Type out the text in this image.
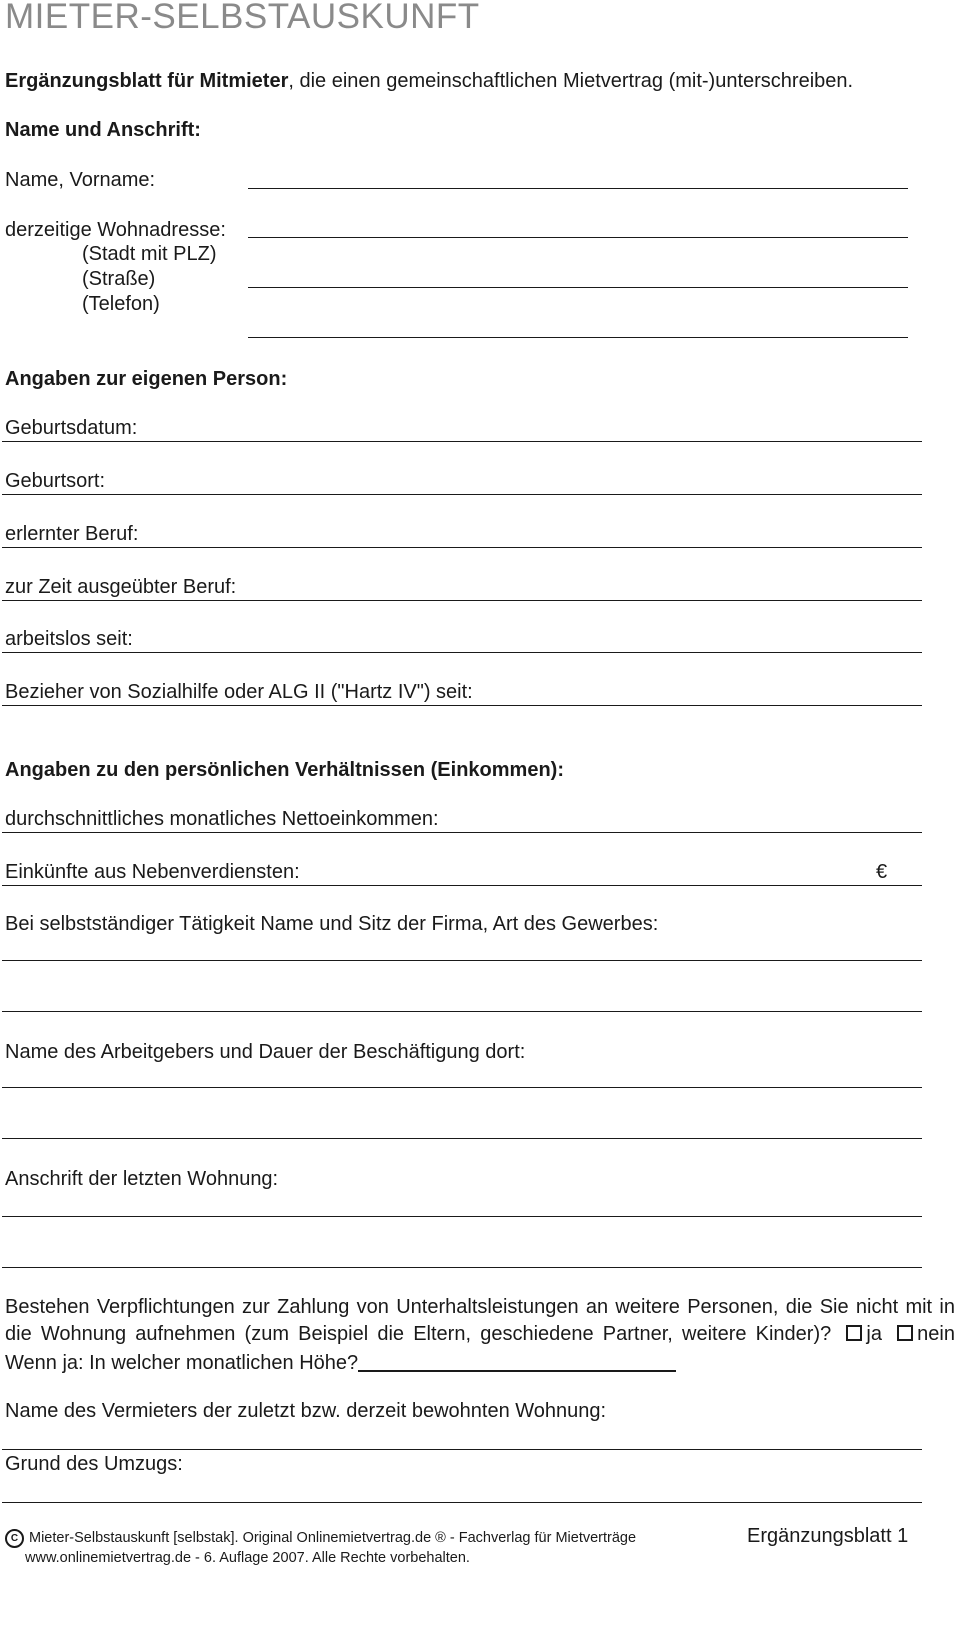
MIETER-SELBSTAUSKUNFT
Ergänzungsblatt für Mitmieter, die einen gemeinschaftlichen Mietvertrag (mit-)unterschreiben.
Name und Anschrift:
Name, Vorname:
derzeitige Wohnadresse:
(Stadt mit PLZ)
(Straße)
(Telefon)
Angaben zur eigenen Person:
Geburtsdatum:
Geburtsort:
erlernter Beruf:
zur Zeit ausgeübter Beruf:
arbeitslos seit:
Bezieher von Sozialhilfe oder ALG II ("Hartz IV") seit:
Angaben zu den persönlichen Verhältnissen (Einkommen):
durchschnittliches monatliches Nettoeinkommen:
Einkünfte aus Nebenverdiensten:	€
Bei selbstständiger Tätigkeit Name und Sitz der Firma, Art des Gewerbes:
Name des Arbeitgebers und Dauer der Beschäftigung dort:
Anschrift der letzten Wohnung:
Bestehen Verpflichtungen zur Zahlung von Unterhaltsleistungen an weitere Personen, die Sie nicht mit in die Wohnung aufnehmen (zum Beispiel die Eltern, geschiedene Partner, weitere Kinder)? ja nein Wenn ja: In welcher monatlichen Höhe?
Name des Vermieters der zuletzt bzw. derzeit bewohnten Wohnung:
Grund des Umzugs:
C Mieter-Selbstauskunft [selbstak]. Original Onlinemietvertrag.de ® - Fachverlag für Mietverträge
www.onlinemietvertrag.de - 6. Auflage 2007. Alle Rechte vorbehalten.
Ergänzungsblatt 1
